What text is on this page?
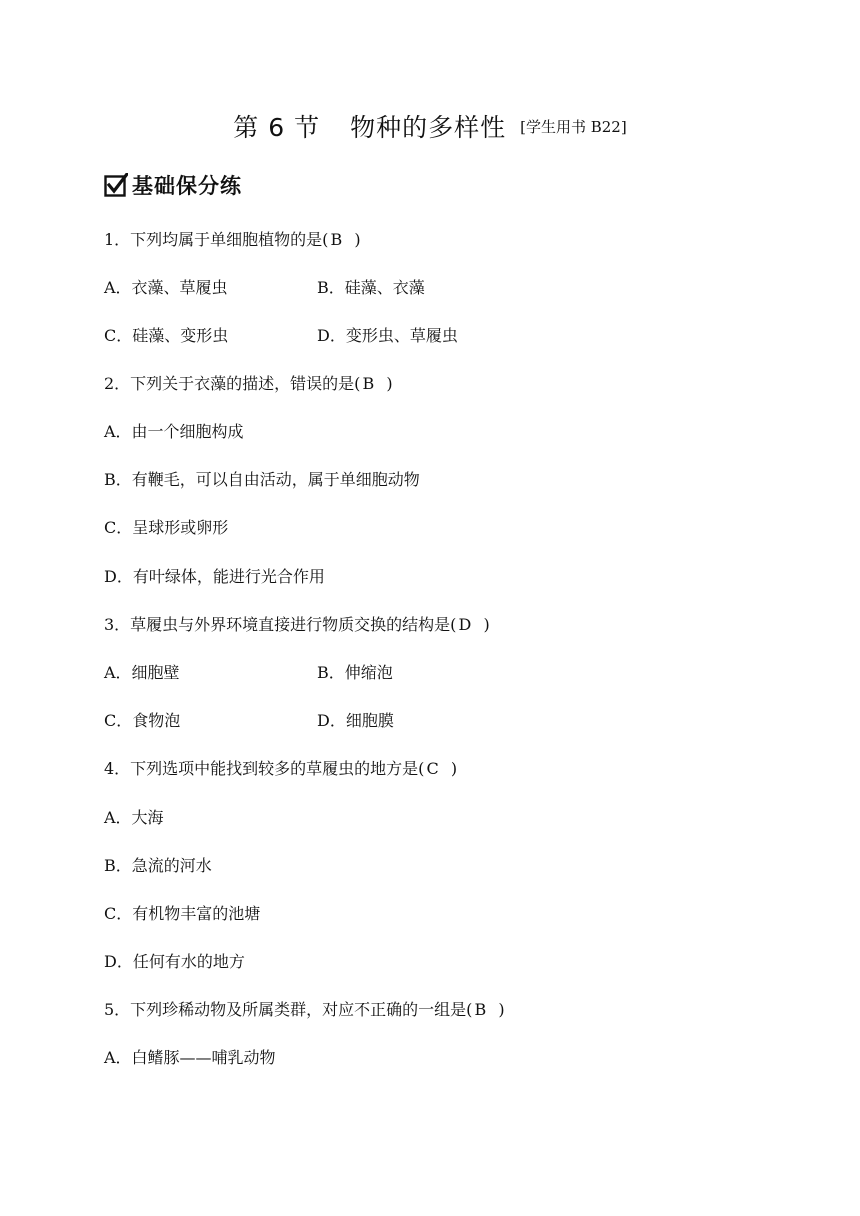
第 6 节 物种的多样性 [学生用书 B22]
基础保分练
1．下列均属于单细胞植物的是( B )
A．衣藻、草履虫	B．硅藻、衣藻
C．硅藻、变形虫	D．变形虫、草履虫
2．下列关于衣藻的描述，错误的是( B )
A．由一个细胞构成
B．有鞭毛，可以自由活动，属于单细胞动物
C．呈球形或卵形
D．有叶绿体，能进行光合作用
3．草履虫与外界环境直接进行物质交换的结构是( D )
A．细胞壁	B．伸缩泡
C．食物泡	D．细胞膜
4．下列选项中能找到较多的草履虫的地方是( C )
A．大海
B．急流的河水
C．有机物丰富的池塘
D．任何有水的地方
5．下列珍稀动物及所属类群，对应不正确的一组是( B )
A．白鳍豚——哺乳动物
